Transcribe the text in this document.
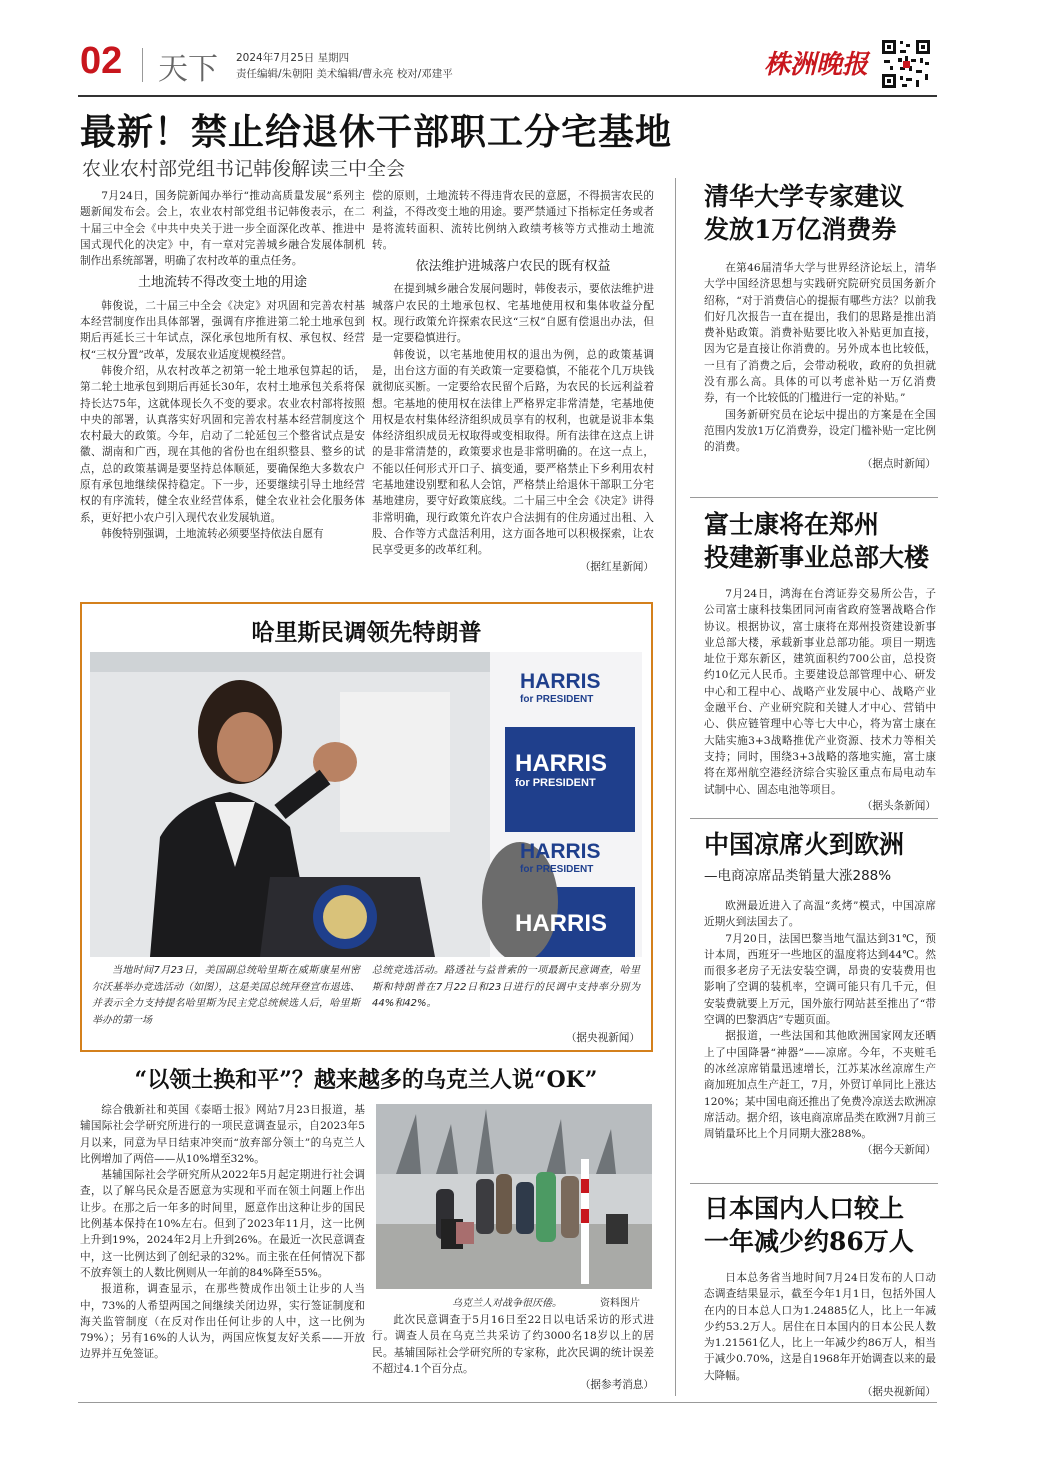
02 天下 2024年7月25日 星期四
责任编辑/朱朝阳 美术编辑/曹永亮 校对/邓建平	株洲晚报
最新！禁止给退休干部职工分宅基地
农业农村部党组书记韩俊解读三中全会

7月24日，国务院新闻办举行“推动高质量发展”系列主题新闻发布会。会上，农业农村部党组书记韩俊表示，在二十届三中全会《中共中央关于进一步全面深化改革、推进中国式现代化的决定》中，有一章对完善城乡融合发展体制机制作出系统部署，明确了农村改革的重点任务。

土地流转不得改变土地的用途

韩俊说，二十届三中全会《决定》对巩固和完善农村基本经营制度作出具体部署，强调有序推进第二轮土地承包到期后再延长三十年试点，深化承包地所有权、承包权、经营权“三权分置”改革，发展农业适度规模经营。

韩俊介绍，从农村改革之初第一轮土地承包算起的话，第二轮土地承包到期后再延长30年，农村土地承包关系将保持长达75年，这就体现长久不变的要求。农业农村部将按照中央的部署，认真落实好巩固和完善农村基本经营制度这个农村最大的政策。今年，启动了二轮延包三个整省试点是安徽、湖南和广西，现在其他的省份也在组织整县、整乡的试点，总的政策基调是要坚持总体顺延，要确保绝大多数农户原有承包地继续保持稳定。下一步，还要继续引导土地经营权的有序流转，健全农业经营体系，健全农业社会化服务体系，更好把小农户引入现代农业发展轨道。

韩俊特别强调，土地流转必须要坚持依法自愿有

偿的原则，土地流转不得违背农民的意愿，不得损害农民的利益，不得改变土地的用途。要严禁通过下指标定任务或者是将流转面积、流转比例纳入政绩考核等方式推动土地流转。

依法维护进城落户农民的既有权益

在提到城乡融合发展问题时，韩俊表示，要依法维护进城落户农民的土地承包权、宅基地使用权和集体收益分配权。现行政策允许探索农民这“三权”自愿有偿退出办法，但是一定要稳慎进行。

韩俊说，以宅基地使用权的退出为例，总的政策基调是，出台这方面的有关政策一定要稳慎，不能花个几万块钱就彻底买断。一定要给农民留个后路，为农民的长远利益着想。宅基地的使用权在法律上严格界定非常清楚，宅基地使用权是农村集体经济组织成员享有的权利，也就是说非本集体经济组织成员无权取得或变相取得。所有法律在这点上讲的是非常清楚的，政策要求也是非常明确的。在这一点上，不能以任何形式开口子、搞变通，要严格禁止下乡利用农村宅基地建设别墅和私人会馆，严格禁止给退休干部职工分宅基地建房，要守好政策底线。二十届三中全会《决定》讲得非常明确，现行政策允许农户合法拥有的住房通过出租、入股、合作等方式盘活利用，这方面各地可以积极探索，让农民享受更多的改革红利。

（据红星新闻）
哈里斯民调领先特朗普
HARRIS
for PRESIDENT
HARRIS
for PRESIDENT
HARRIS
for PRESIDENT
HARRIS
当地时间7月23日，美国副总统哈里斯在威斯康星州密尔沃基举办竞选活动（如图），这是美国总统拜登宣布退选、并表示全力支持提名哈里斯为民主党总统候选人后，哈里斯举办的第一场
总统竞选活动。路透社与益普索的一项最新民意调查，哈里斯和特朗普在7月22日和23日进行的民调中支持率分别为44%和42%。
（据央视新闻）
“以领土换和平”？越来越多的乌克兰人说“OK”

综合俄新社和英国《泰晤士报》网站7月23日报道，基辅国际社会学研究所进行的一项民意调查显示，自2023年5月以来，同意为早日结束冲突而“放弃部分领土”的乌克兰人比例增加了两倍——从10%增至32%。

基辅国际社会学研究所从2022年5月起定期进行社会调查，以了解乌民众是否愿意为实现和平而在领土问题上作出让步。在那之后一年多的时间里，愿意作出这种让步的国民比例基本保持在10%左右。但到了2023年11月，这一比例上升到19%，2024年2月上升到26%。在最近一次民意调查中，这一比例达到了创纪录的32%。而主张在任何情况下都不放弃领土的人数比例则从一年前的84%降至55%。

报道称，调查显示，在那些赞成作出领土让步的人当中，73%的人希望两国之间继续关闭边界，实行签证制度和海关监管制度（在反对作出任何让步的人中，这一比例为79%）；另有16%的人认为，两国应恢复友好关系——开放边界并互免签证。

乌克兰人对战争很厌倦。	资料图片

此次民意调查于5月16日至22日以电话采访的形式进行。调查人员在乌克兰共采访了约3000名18岁以上的居民。基辅国际社会学研究所的专家称，此次民调的统计误差不超过4.1个百分点。

（据参考消息）
清华大学专家建议
发放1万亿消费券

在第46届清华大学与世界经济论坛上，清华大学中国经济思想与实践研究院研究员国务新介绍称，“对于消费信心的提振有哪些方法？以前我们好几次报告一直在提出，我们的思路是推出消费补贴政策。消费补贴要比收入补贴更加直接，因为它是直接让你消费的。另外成本也比较低，一旦有了消费之后，会带动税收，政府的负担就没有那么高。具体的可以考虑补贴一万亿消费券，有一个比较低的门槛进行一定的补贴。”

国务新研究员在论坛中提出的方案是在全国范围内发放1万亿消费券，设定门槛补贴一定比例的消费。

（据点时新闻）
富士康将在郑州
投建新事业总部大楼

7月24日，鸿海在台湾证券交易所公告，子公司富士康科技集团同河南省政府签署战略合作协议。根据协议，富士康将在郑州投资建设新事业总部大楼，承载新事业总部功能。项目一期选址位于郑东新区，建筑面积约700公亩，总投资约10亿元人民币。主要建设总部管理中心、研发中心和工程中心、战略产业发展中心、战略产业金融平台、产业研究院和关键人才中心、营销中心、供应链管理中心等七大中心，将为富士康在大陆实施3+3战略推优产业资源、技术力等相关支持；同时，围绕3+3战略的落地实施，富士康将在郑州航空港经济综合实验区重点布局电动车试制中心、固态电池等项目。

（据头条新闻）
中国凉席火到欧洲
—电商凉席品类销量大涨288%

欧洲最近进入了高温“炙烤”模式，中国凉席近期火到法国去了。

7月20日，法国巴黎当地气温达到31℃，预计本周，西班牙一些地区的温度将达到44℃。然而很多老房子无法安装空调，昂贵的安装费用也影响了空调的装机率，空调可能只有几千元，但安装费就要上万元，国外旅行网站甚至推出了“带空调的巴黎酒店”专题页面。

据报道，一些法国和其他欧洲国家网友还晒上了中国降暑“神器”——凉席。今年，不夹赃毛的冰丝凉席销量迅速增长，江苏某冰丝凉席生产商加班加点生产赶工，7月，外贸订单同比上涨达120%；某中国电商还推出了免费冷凉送去欧洲凉席活动。据介绍，该电商凉席品类在欧洲7月前三周销量环比上个月同期大涨288%。

（据今天新闻）
日本国内人口较上
一年减少约86万人

日本总务省当地时间7月24日发布的人口动态调查结果显示，截至今年1月1日，包括外国人在内的日本总人口为1.24885亿人，比上一年减少约53.2万人。居住在日本国内的日本公民人数为1.21561亿人，比上一年减少约86万人，相当于减少0.70%，这是自1968年开始调查以来的最大降幅。

（据央视新闻）
